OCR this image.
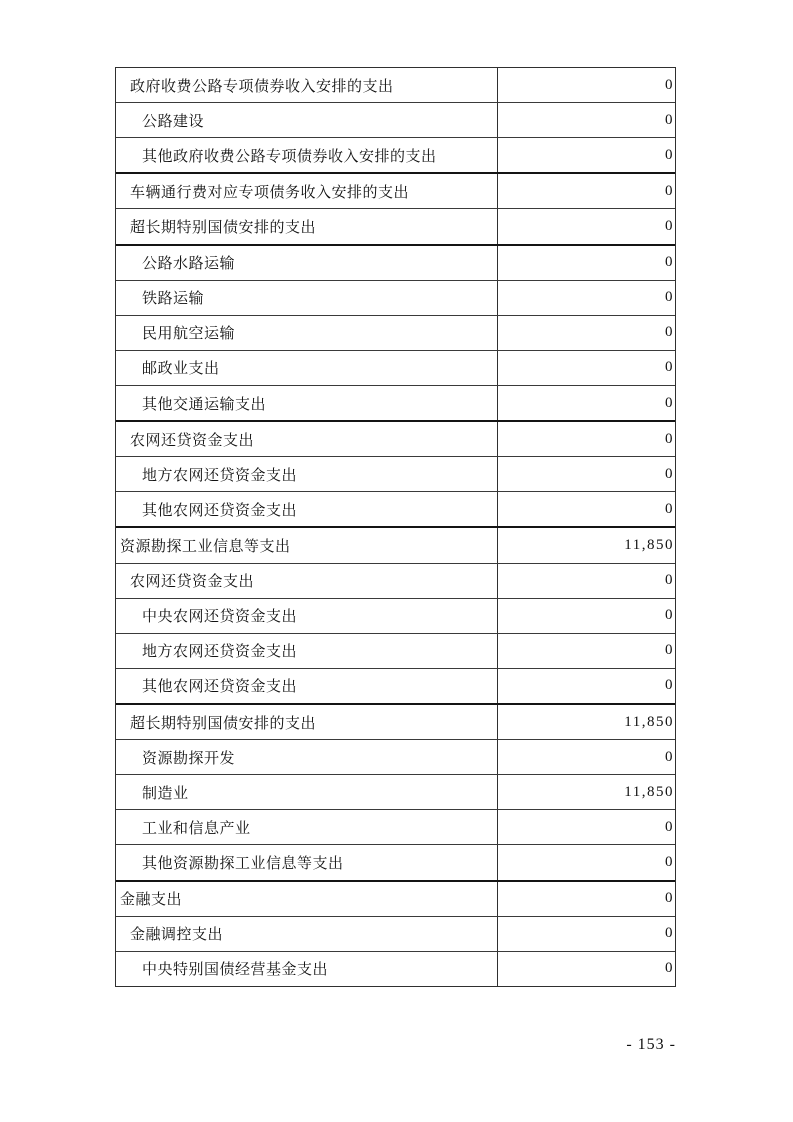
政府收费公路专项债券收入安排的支出	0
公路建设	0
其他政府收费公路专项债券收入安排的支出	0
车辆通行费对应专项债务收入安排的支出	0
超长期特别国债安排的支出	0
公路水路运输	0
铁路运输	0
民用航空运输	0
邮政业支出	0
其他交通运输支出	0
农网还贷资金支出	0
地方农网还贷资金支出	0
其他农网还贷资金支出	0
资源勘探工业信息等支出	11,850
农网还贷资金支出	0
中央农网还贷资金支出	0
地方农网还贷资金支出	0
其他农网还贷资金支出	0
超长期特别国债安排的支出	11,850
资源勘探开发	0
制造业	11,850
工业和信息产业	0
其他资源勘探工业信息等支出	0
金融支出	0
金融调控支出	0
中央特别国债经营基金支出	0
- 153 -
